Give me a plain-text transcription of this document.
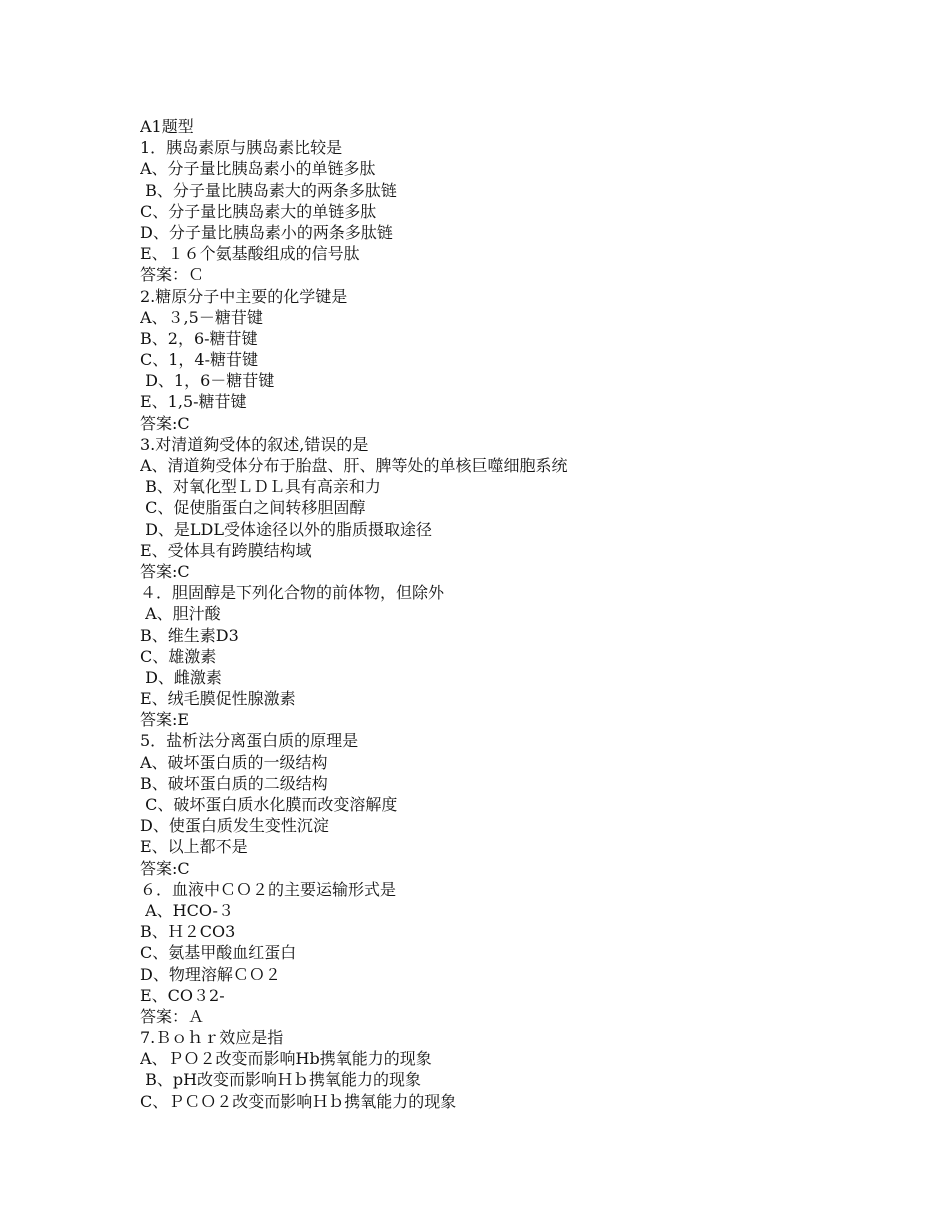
A1题型
1．胰岛素原与胰岛素比较是
A、分子量比胰岛素小的单链多肽
B、分子量比胰岛素大的两条多肽链
C、分子量比胰岛素大的单链多肽
D、分子量比胰岛素小的两条多肽链
E、１６个氨基酸组成的信号肽
答案：Ｃ
2.糖原分子中主要的化学键是
A、３,5－糖苷键
B、2，6-糖苷键
C、1，4-糖苷键
D、1，6－糖苷键
E、1,5-糖苷键
答案:C
3.对清道夠受体的叙述,错误的是
A、清道夠受体分布于胎盘、肝、脾等处的单核巨噬细胞系统
B、对氧化型ＬＤＬ具有高亲和力
C、促使脂蛋白之间转移胆固醇
D、是LDL受体途径以外的脂质摄取途径
E、受体具有跨膜结构域
答案:C
４．胆固醇是下列化合物的前体物，但除外
A、胆汁酸
B、维生素D3
C、雄激素
D、雌激素
E、绒毛膜促性腺激素
答案:E
5．盐析法分离蛋白质的原理是
A、破坏蛋白质的一级结构
B、破坏蛋白质的二级结构
C、破坏蛋白质水化膜而改变溶解度
D、使蛋白质发生变性沉淀
E、以上都不是
答案:C
６．血液中ＣＯ２的主要运输形式是
A、HCO-３
B、Ｈ２CO3
C、氨基甲酸血红蛋白
D、物理溶解ＣＯ２
E、CO３2-
答案：Ａ
7.Ｂｏｈｒ效应是指
A、ＰＯ２改变而影响Hb携氧能力的现象
B、pH改变而影响Ｈｂ携氧能力的现象
C、ＰＣＯ２改变而影响Ｈｂ携氧能力的现象
